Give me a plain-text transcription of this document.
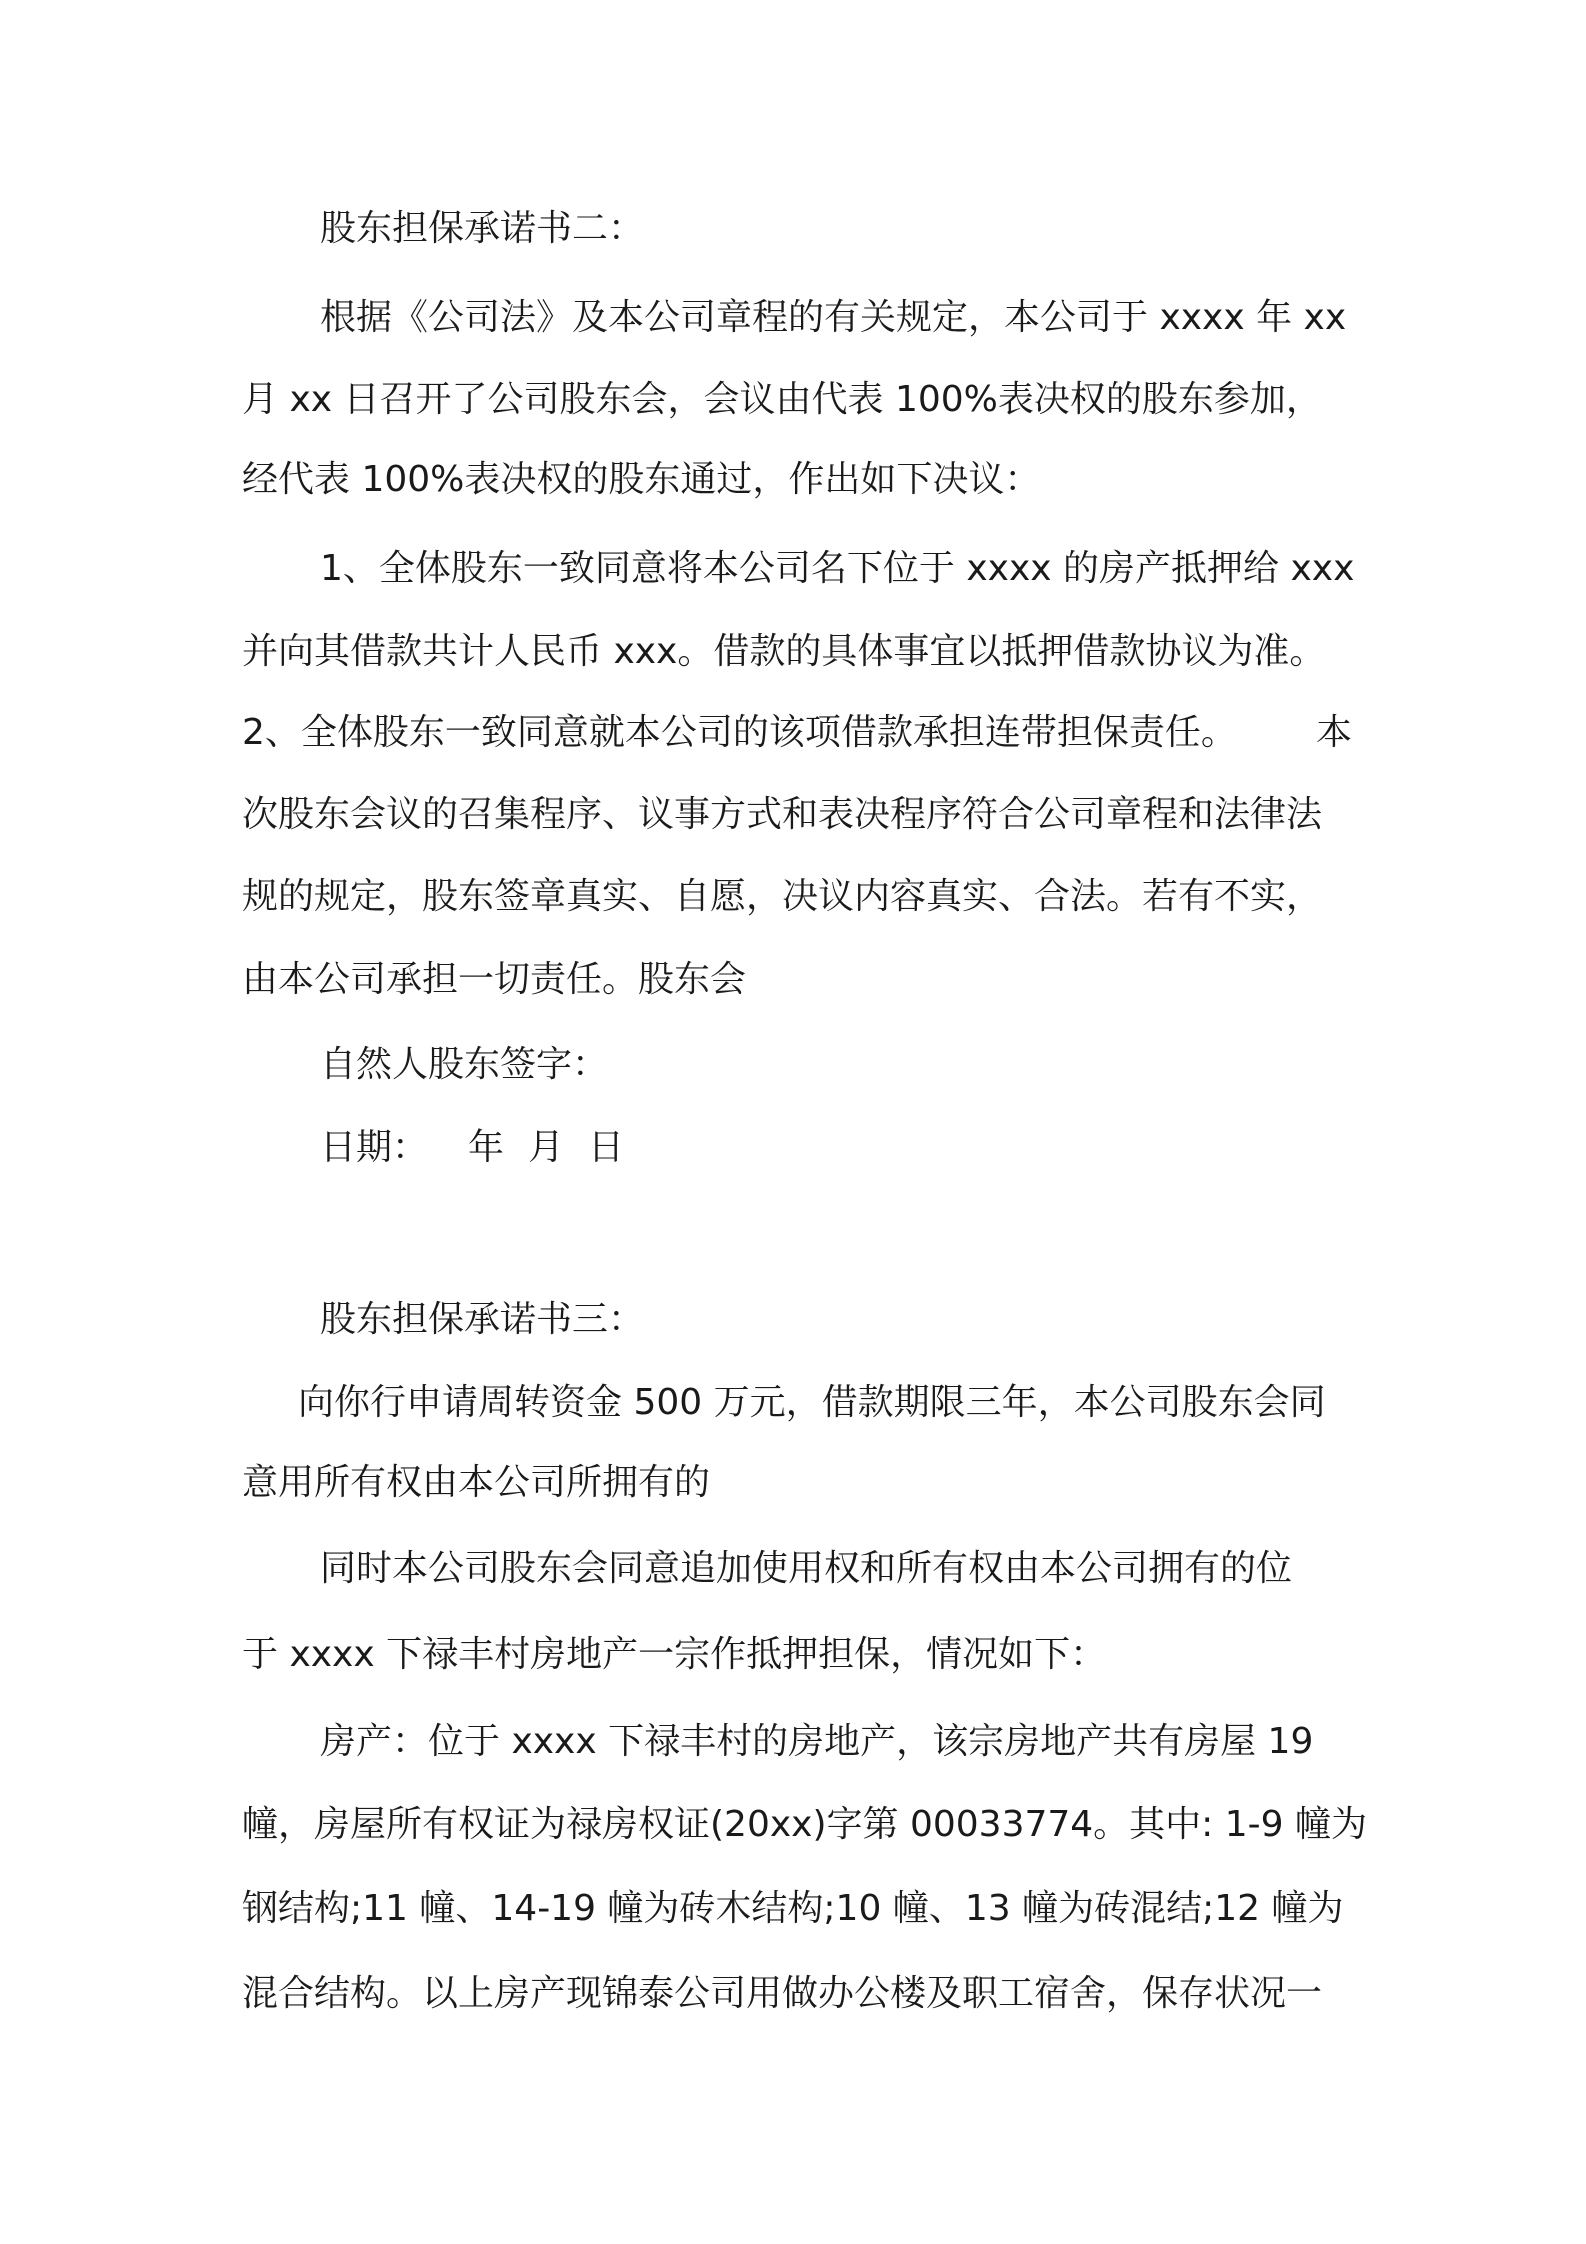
股东担保承诺书二：
根据《公司法》及本公司章程的有关规定，本公司于 xxxx 年 xx
月 xx 日召开了公司股东会，会议由代表 100%表决权的股东参加，
经代表 100%表决权的股东通过，作出如下决议：
1、全体股东一致同意将本公司名下位于 xxxx 的房产抵押给 xxx
并向其借款共计人民币 xxx。借款的具体事宜以抵押借款协议为准。
2、全体股东一致同意就本公司的该项借款承担连带担保责任。 本
次股东会议的召集程序、议事方式和表决程序符合公司章程和法律法
规的规定，股东签章真实、自愿，决议内容真实、合法。若有不实，
由本公司承担一切责任。股东会
自然人股东签字：
日期： 年 月 日
股东担保承诺书三：
向你行申请周转资金 500 万元，借款期限三年，本公司股东会同
意用所有权由本公司所拥有的
同时本公司股东会同意追加使用权和所有权由本公司拥有的位
于 xxxx 下禄丰村房地产一宗作抵押担保，情况如下：
房产：位于 xxxx 下禄丰村的房地产，该宗房地产共有房屋 19
幢，房屋所有权证为禄房权证(20xx)字第 00033774。其中: 1-9 幢为
钢结构;11 幢、14-19 幢为砖木结构;10 幢、13 幢为砖混结;12 幢为
混合结构。以上房产现锦泰公司用做办公楼及职工宿舍，保存状况一
